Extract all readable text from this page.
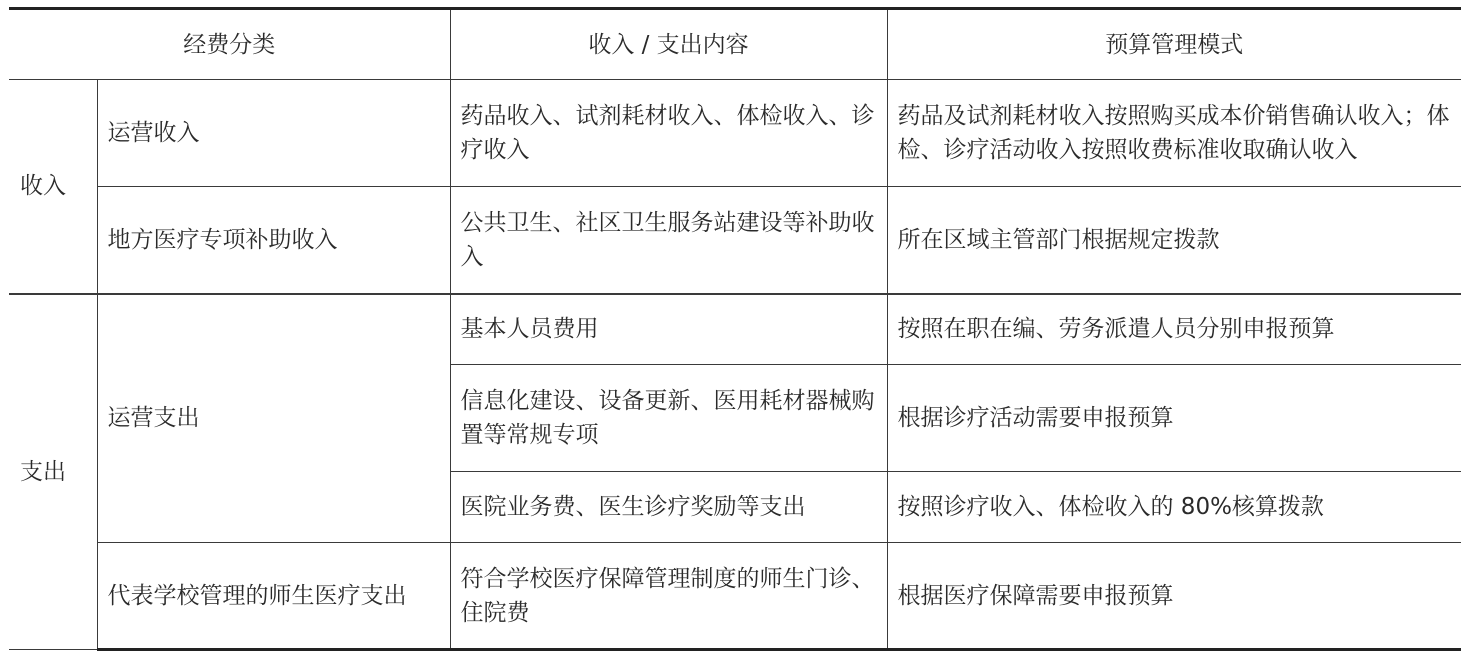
经费分类		收入 / 支出内容	预算管理模式
收入	运营收入	药品收入、试剂耗材收入、体检收入、诊疗收入	药品及试剂耗材收入按照购买成本价销售确认收入；体检、诊疗活动收入按照收费标准收取确认收入
	地方医疗专项补助收入	公共卫生、社区卫生服务站建设等补助收入	所在区域主管部门根据规定拨款
支出	运营支出	基本人员费用	按照在职在编、劳务派遣人员分别申报预算
		信息化建设、设备更新、医用耗材器械购置等常规专项	根据诊疗活动需要申报预算
		医院业务费、医生诊疗奖励等支出	按照诊疗收入、体检收入的 80%核算拨款
	代表学校管理的师生医疗支出	符合学校医疗保障管理制度的师生门诊、住院费	根据医疗保障需要申报预算
